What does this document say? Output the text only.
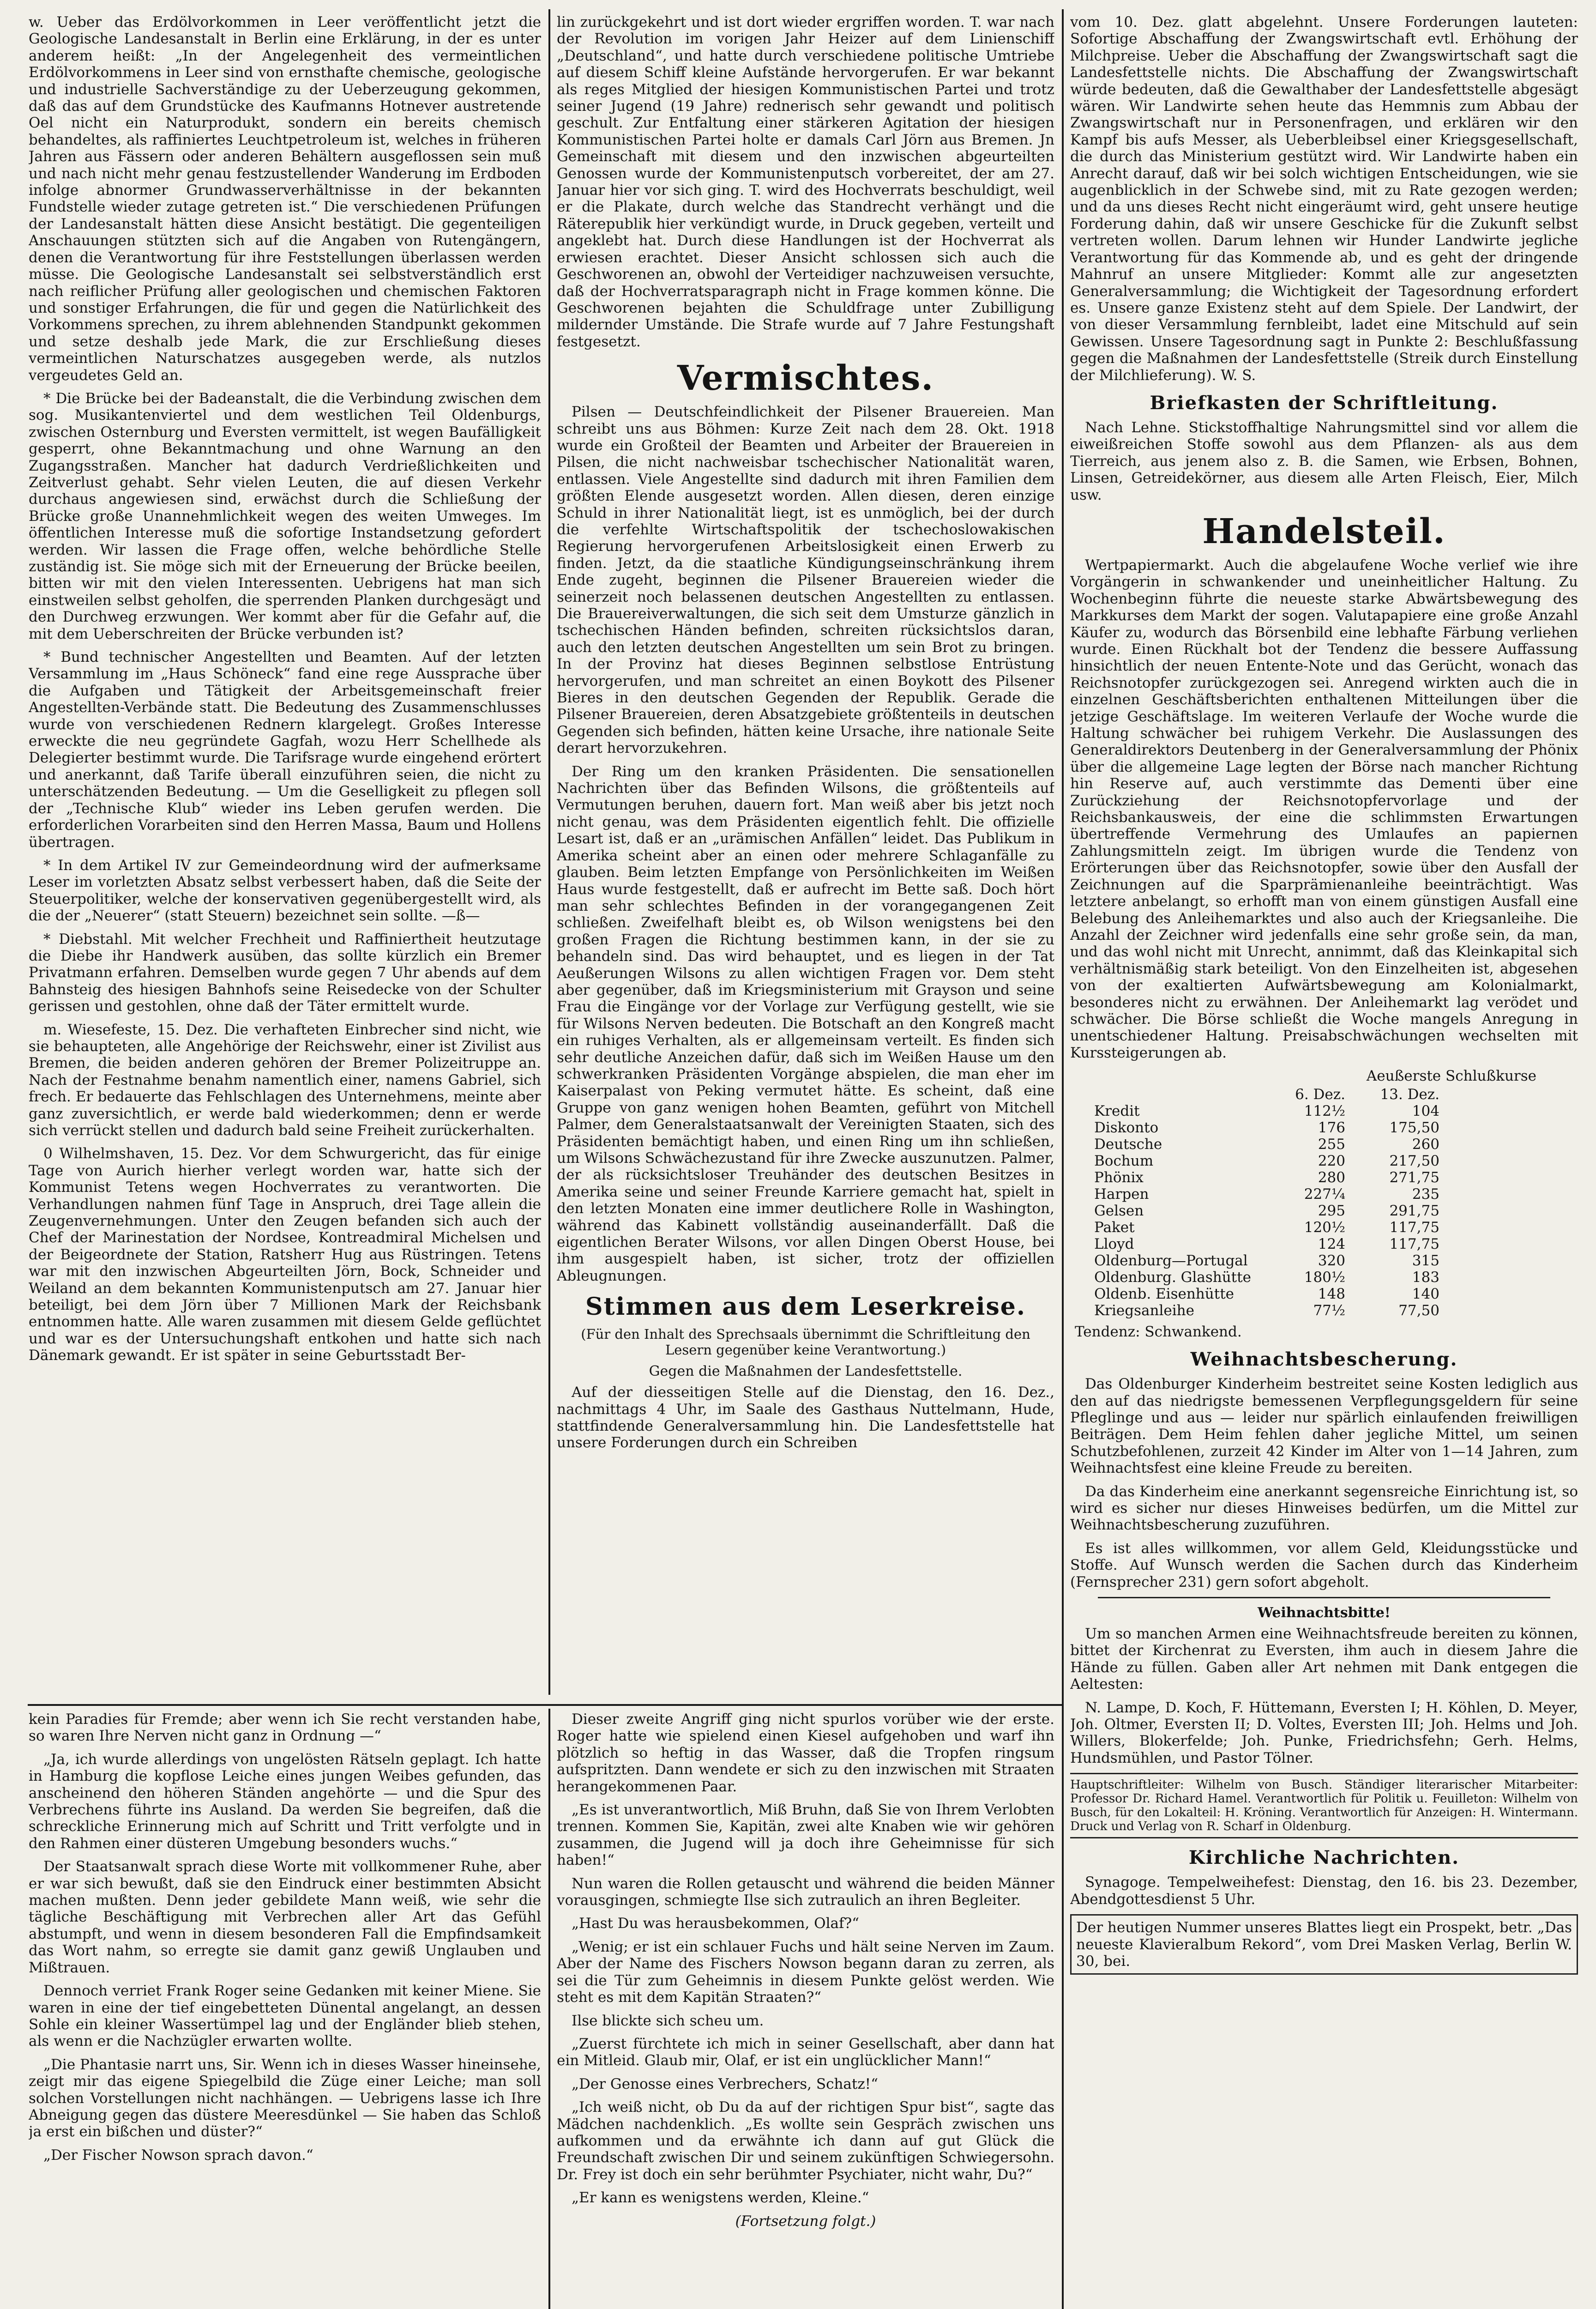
w. Ueber das Erdölvorkommen in Leer veröffentlicht jetzt die Geologische Landesanstalt in Berlin eine Erklärung, in der es unter anderem heißt: „In der Angelegenheit des vermeintlichen Erdölvorkommens in Leer sind von ernsthafte chemische, geologische und industrielle Sachverständige zu der Ueberzeugung gekommen, daß das auf dem Grundstücke des Kaufmanns Hotnever austretende Oel nicht ein Naturprodukt, sondern ein bereits chemisch behandeltes, als raffiniertes Leuchtpetroleum ist, welches in früheren Jahren aus Fässern oder anderen Behältern ausgeflossen sein muß und nach nicht mehr genau festzustellender Wanderung im Erdboden infolge abnormer Grundwasserverhältnisse in der bekannten Fundstelle wieder zutage getreten ist.“ Die verschiedenen Prüfungen der Landesanstalt hätten diese Ansicht bestätigt. Die gegenteiligen Anschauungen stützten sich auf die Angaben von Rutengängern, denen die Verantwortung für ihre Feststellungen überlassen werden müsse. Die Geologische Landesanstalt sei selbstverständlich erst nach reiflicher Prüfung aller geologischen und chemischen Faktoren und sonstiger Erfahrungen, die für und gegen die Natürlichkeit des Vorkommens sprechen, zu ihrem ablehnenden Standpunkt gekommen und setze deshalb jede Mark, die zur Erschließung dieses vermeintlichen Naturschatzes ausgegeben werde, als nutzlos vergeudetes Geld an.

* Die Brücke bei der Badeanstalt, die die Verbindung zwischen dem sog. Musikantenviertel und dem westlichen Teil Oldenburgs, zwischen Osternburg und Eversten vermittelt, ist wegen Baufälligkeit gesperrt, ohne Bekanntmachung und ohne Warnung an den Zugangsstraßen. Mancher hat dadurch Verdrießlichkeiten und Zeitverlust gehabt. Sehr vielen Leuten, die auf diesen Verkehr durchaus angewiesen sind, erwächst durch die Schließung der Brücke große Unannehmlichkeit wegen des weiten Umweges. Im öffentlichen Interesse muß die sofortige Instandsetzung gefordert werden. Wir lassen die Frage offen, welche behördliche Stelle zuständig ist. Sie möge sich mit der Erneuerung der Brücke beeilen, bitten wir mit den vielen Interessenten. Uebrigens hat man sich einstweilen selbst geholfen, die sperrenden Planken durchgesägt und den Durchweg erzwungen. Wer kommt aber für die Gefahr auf, die mit dem Ueberschreiten der Brücke verbunden ist?

* Bund technischer Angestellten und Beamten. Auf der letzten Versammlung im „Haus Schöneck“ fand eine rege Aussprache über die Aufgaben und Tätigkeit der Arbeitsgemeinschaft freier Angestellten-Verbände statt. Die Bedeutung des Zusammenschlusses wurde von verschiedenen Rednern klargelegt. Großes Interesse erweckte die neu gegründete Gagfah, wozu Herr Schellhede als Delegierter bestimmt wurde. Die Tarifsrage wurde eingehend erörtert und anerkannt, daß Tarife überall einzuführen seien, die nicht zu unterschätzenden Bedeutung. — Um die Geselligkeit zu pflegen soll der „Technische Klub“ wieder ins Leben gerufen werden. Die erforderlichen Vorarbeiten sind den Herren Massa, Baum und Hollens übertragen.

* In dem Artikel IV zur Gemeindeordnung wird der aufmerksame Leser im vorletzten Absatz selbst verbessert haben, daß die Seite der Steuerpolitiker, welche der konservativen gegenübergestellt wird, als die der „Neuerer“ (statt Steuern) bezeichnet sein sollte. —ß—

* Diebstahl. Mit welcher Frechheit und Raffiniertheit heutzutage die Diebe ihr Handwerk ausüben, das sollte kürzlich ein Bremer Privatmann erfahren. Demselben wurde gegen 7 Uhr abends auf dem Bahnsteig des hiesigen Bahnhofs seine Reisedecke von der Schulter gerissen und gestohlen, ohne daß der Täter ermittelt wurde.

m. Wiesefeste, 15. Dez. Die verhafteten Einbrecher sind nicht, wie sie behaupteten, alle Angehörige der Reichswehr, einer ist Zivilist aus Bremen, die beiden anderen gehören der Bremer Polizeitruppe an. Nach der Festnahme benahm namentlich einer, namens Gabriel, sich frech. Er bedauerte das Fehlschlagen des Unternehmens, meinte aber ganz zuversichtlich, er werde bald wiederkommen; denn er werde sich verrückt stellen und dadurch bald seine Freiheit zurückerhalten.

0 Wilhelmshaven, 15. Dez. Vor dem Schwurgericht, das für einige Tage von Aurich hierher verlegt worden war, hatte sich der Kommunist Tetens wegen Hochverrates zu verantworten. Die Verhandlungen nahmen fünf Tage in Anspruch, drei Tage allein die Zeugenvernehmungen. Unter den Zeugen befanden sich auch der Chef der Marinestation der Nordsee, Kontreadmiral Michelsen und der Beigeordnete der Station, Ratsherr Hug aus Rüstringen. Tetens war mit den inzwischen Abgeurteilten Jörn, Bock, Schneider und Weiland an dem bekannten Kommunistenputsch am 27. Januar hier beteiligt, bei dem Jörn über 7 Millionen Mark der Reichsbank entnommen hatte. Alle waren zusammen mit diesem Gelde geflüchtet und war es der Untersuchungshaft entkohen und hatte sich nach Dänemark gewandt. Er ist später in seine Geburtsstadt Ber-

lin zurückgekehrt und ist dort wieder ergriffen worden. T. war nach der Revolution im vorigen Jahr Heizer auf dem Linienschiff „Deutschland“, und hatte durch verschiedene politische Umtriebe auf diesem Schiff kleine Aufstände hervorgerufen. Er war bekannt als reges Mitglied der hiesigen Kommunistischen Partei und trotz seiner Jugend (19 Jahre) rednerisch sehr gewandt und politisch geschult. Zur Entfaltung einer stärkeren Agitation der hiesigen Kommunistischen Partei holte er damals Carl Jörn aus Bremen. Jn Gemeinschaft mit diesem und den inzwischen abgeurteilten Genossen wurde der Kommunistenputsch vorbereitet, der am 27. Januar hier vor sich ging. T. wird des Hochverrats beschuldigt, weil er die Plakate, durch welche das Standrecht verhängt und die Räterepublik hier verkündigt wurde, in Druck gegeben, verteilt und angeklebt hat. Durch diese Handlungen ist der Hochverrat als erwiesen erachtet. Dieser Ansicht schlossen sich auch die Geschworenen an, obwohl der Verteidiger nachzuweisen versuchte, daß der Hochverratsparagraph nicht in Frage kommen könne. Die Geschworenen bejahten die Schuldfrage unter Zubilligung mildernder Umstände. Die Strafe wurde auf 7 Jahre Festungshaft festgesetzt.

Vermischtes.

Pilsen — Deutschfeindlichkeit der Pilsener Brauereien. Man schreibt uns aus Böhmen: Kurze Zeit nach dem 28. Okt. 1918 wurde ein Großteil der Beamten und Arbeiter der Brauereien in Pilsen, die nicht nachweisbar tschechischer Nationalität waren, entlassen. Viele Angestellte sind dadurch mit ihren Familien dem größten Elende ausgesetzt worden. Allen diesen, deren einzige Schuld in ihrer Nationalität liegt, ist es unmöglich, bei der durch die verfehlte Wirtschaftspolitik der tschechoslowakischen Regierung hervorgerufenen Arbeitslosigkeit einen Erwerb zu finden. Jetzt, da die staatliche Kündigungseinschränkung ihrem Ende zugeht, beginnen die Pilsener Brauereien wieder die seinerzeit noch belassenen deutschen Angestellten zu entlassen. Die Brauereiverwaltungen, die sich seit dem Umsturze gänzlich in tschechischen Händen befinden, schreiten rücksichtslos daran, auch den letzten deutschen Angestellten um sein Brot zu bringen. In der Provinz hat dieses Beginnen selbstlose Entrüstung hervorgerufen, und man schreitet an einen Boykott des Pilsener Bieres in den deutschen Gegenden der Republik. Gerade die Pilsener Brauereien, deren Absatzgebiete größtenteils in deutschen Gegenden sich befinden, hätten keine Ursache, ihre nationale Seite derart hervorzukehren.

Der Ring um den kranken Präsidenten. Die sensationellen Nachrichten über das Befinden Wilsons, die größtenteils auf Vermutungen beruhen, dauern fort. Man weiß aber bis jetzt noch nicht genau, was dem Präsidenten eigentlich fehlt. Die offizielle Lesart ist, daß er an „urämischen Anfällen“ leidet. Das Publikum in Amerika scheint aber an einen oder mehrere Schlaganfälle zu glauben. Beim letzten Empfange von Persönlichkeiten im Weißen Haus wurde festgestellt, daß er aufrecht im Bette saß. Doch hört man sehr schlechtes Befinden in der vorangegangenen Zeit schließen. Zweifelhaft bleibt es, ob Wilson wenigstens bei den großen Fragen die Richtung bestimmen kann, in der sie zu behandeln sind. Das wird behauptet, und es liegen in der Tat Aeußerungen Wilsons zu allen wichtigen Fragen vor. Dem steht aber gegenüber, daß im Kriegsministerium mit Grayson und seine Frau die Eingänge vor der Vorlage zur Verfügung gestellt, wie sie für Wilsons Nerven bedeuten. Die Botschaft an den Kongreß macht ein ruhiges Verhalten, als er allgemeinsam verteilt. Es finden sich sehr deutliche Anzeichen dafür, daß sich im Weißen Hause um den schwerkranken Präsidenten Vorgänge abspielen, die man eher im Kaiserpalast von Peking vermutet hätte. Es scheint, daß eine Gruppe von ganz wenigen hohen Beamten, geführt von Mitchell Palmer, dem Generalstaatsanwalt der Vereinigten Staaten, sich des Präsidenten bemächtigt haben, und einen Ring um ihn schließen, um Wilsons Schwächezustand für ihre Zwecke auszunutzen. Palmer, der als rücksichtsloser Treuhänder des deutschen Besitzes in Amerika seine und seiner Freunde Karriere gemacht hat, spielt in den letzten Monaten eine immer deutlichere Rolle in Washington, während das Kabinett vollständig auseinanderfällt. Daß die eigentlichen Berater Wilsons, vor allen Dingen Oberst House, bei ihm ausgespielt haben, ist sicher, trotz der offiziellen Ableugnungen.

Stimmen aus dem Leserkreise.
(Für den Inhalt des Sprechsaals übernimmt die Schriftleitung den Lesern gegenüber keine Verantwortung.)
Gegen die Maßnahmen der Landesfettstelle.

Auf der diesseitigen Stelle auf die Dienstag, den 16. Dez., nachmittags 4 Uhr, im Saale des Gasthaus Nuttelmann, Hude, stattfindende Generalversammlung hin. Die Landesfettstelle hat unsere Forderungen durch ein Schreiben

vom 10. Dez. glatt abgelehnt. Unsere Forderungen lauteten: Sofortige Abschaffung der Zwangswirtschaft evtl. Erhöhung der Milchpreise. Ueber die Abschaffung der Zwangswirtschaft sagt die Landesfettstelle nichts. Die Abschaffung der Zwangswirtschaft würde bedeuten, daß die Gewalthaber der Landesfettstelle abgesägt wären. Wir Landwirte sehen heute das Hemmnis zum Abbau der Zwangswirtschaft nur in Personenfragen, und erklären wir den Kampf bis aufs Messer, als Ueberbleibsel einer Kriegsgesellschaft, die durch das Ministerium gestützt wird. Wir Landwirte haben ein Anrecht darauf, daß wir bei solch wichtigen Entscheidungen, wie sie augenblicklich in der Schwebe sind, mit zu Rate gezogen werden; und da uns dieses Recht nicht eingeräumt wird, geht unsere heutige Forderung dahin, daß wir unsere Geschicke für die Zukunft selbst vertreten wollen. Darum lehnen wir Hunder Landwirte jegliche Verantwortung für das Kommende ab, und es geht der dringende Mahnruf an unsere Mitglieder: Kommt alle zur angesetzten Generalversammlung; die Wichtigkeit der Tagesordnung erfordert es. Unsere ganze Existenz steht auf dem Spiele. Der Landwirt, der von dieser Versammlung fernbleibt, ladet eine Mitschuld auf sein Gewissen. Unsere Tagesordnung sagt in Punkte 2: Beschlußfassung gegen die Maßnahmen der Landesfettstelle (Streik durch Einstellung der Milchlieferung). W. S.

Briefkasten der Schriftleitung.

Nach Lehne. Stickstoffhaltige Nahrungsmittel sind vor allem die eiweißreichen Stoffe sowohl aus dem Pflanzen- als aus dem Tierreich, aus jenem also z. B. die Samen, wie Erbsen, Bohnen, Linsen, Getreidekörner, aus diesem alle Arten Fleisch, Eier, Milch usw.

Handelsteil.

Wertpapiermarkt. Auch die abgelaufene Woche verlief wie ihre Vorgängerin in schwankender und uneinheitlicher Haltung. Zu Wochenbeginn führte die neueste starke Abwärtsbewegung des Markkurses dem Markt der sogen. Valutapapiere eine große Anzahl Käufer zu, wodurch das Börsenbild eine lebhafte Färbung verliehen wurde. Einen Rückhalt bot der Tendenz die bessere Auffassung hinsichtlich der neuen Entente-Note und das Gerücht, wonach das Reichsnotopfer zurückgezogen sei. Anregend wirkten auch die in einzelnen Geschäftsberichten enthaltenen Mitteilungen über die jetzige Geschäftslage. Im weiteren Verlaufe der Woche wurde die Haltung schwächer bei ruhigem Verkehr. Die Auslassungen des Generaldirektors Deutenberg in der Generalversammlung der Phönix über die allgemeine Lage legten der Börse nach mancher Richtung hin Reserve auf, auch verstimmte das Dementi über eine Zurückziehung der Reichsnotopfervorlage und der Reichsbankausweis, der eine die schlimmsten Erwartungen übertreffende Vermehrung des Umlaufes an papiernen Zahlungsmitteln zeigt. Im übrigen wurde die Tendenz von Erörterungen über das Reichsnotopfer, sowie über den Ausfall der Zeichnungen auf die Sparprämienanleihe beeinträchtigt. Was letztere anbelangt, so erhofft man von einem günstigen Ausfall eine Belebung des Anleihemarktes und also auch der Kriegsanleihe. Die Anzahl der Zeichner wird jedenfalls eine sehr große sein, da man, und das wohl nicht mit Unrecht, annimmt, daß das Kleinkapital sich verhältnismäßig stark beteiligt. Von den Einzelheiten ist, abgesehen von der exaltierten Aufwärtsbewegung am Kolonialmarkt, besonderes nicht zu erwähnen. Der Anleihemarkt lag verödet und schwächer. Die Börse schließt die Woche mangels Anregung in unentschiedener Haltung. Preisabschwächungen wechselten mit Kurssteigerungen ab.

Aeußerste Schlußkurse
	6. Dez.	13. Dez.
Kredit	112½	104
Diskonto	176	175,50
Deutsche	255	260
Bochum	220	217,50
Phönix	280	271,75
Harpen	227¼	235
Gelsen	295	291,75
Paket	120½	117,75
Lloyd	124	117,75
Oldenburg—Portugal	320	315
Oldenburg. Glashütte	180½	183
Oldenb. Eisenhütte	148	140
Kriegsanleihe	77½	77,50
Tendenz: Schwankend.
Weihnachtsbescherung.

Das Oldenburger Kinderheim bestreitet seine Kosten lediglich aus den auf das niedrigste bemessenen Verpflegungsgeldern für seine Pfleglinge und aus — leider nur spärlich einlaufenden freiwilligen Beiträgen. Dem Heim fehlen daher jegliche Mittel, um seinen Schutzbefohlenen, zurzeit 42 Kinder im Alter von 1—14 Jahren, zum Weihnachtsfest eine kleine Freude zu bereiten.

Da das Kinderheim eine anerkannt segensreiche Einrichtung ist, so wird es sicher nur dieses Hinweises bedürfen, um die Mittel zur Weihnachtsbescherung zuzuführen.

Es ist alles willkommen, vor allem Geld, Kleidungsstücke und Stoffe. Auf Wunsch werden die Sachen durch das Kinderheim (Fernsprecher 231) gern sofort abgeholt.

Weihnachtsbitte!

Um so manchen Armen eine Weihnachtsfreude bereiten zu können, bittet der Kirchenrat zu Eversten, ihm auch in diesem Jahre die Hände zu füllen. Gaben aller Art nehmen mit Dank entgegen die Aeltesten:

N. Lampe, D. Koch, F. Hüttemann, Eversten I; H. Köhlen, D. Meyer, Joh. Oltmer, Eversten II; D. Voltes, Eversten III; Joh. Helms und Joh. Willers, Blokerfelde; Joh. Punke, Friedrichsfehn; Gerh. Helms, Hundsmühlen, und Pastor Tölner.

Hauptschriftleiter: Wilhelm von Busch. Ständiger literarischer Mitarbeiter: Professor Dr. Richard Hamel. Verantwortlich für Politik u. Feuilleton: Wilhelm von Busch, für den Lokalteil: H. Kröning. Verantwortlich für Anzeigen: H. Wintermann. Druck und Verlag von R. Scharf in Oldenburg.
Kirchliche Nachrichten.

Synagoge. Tempelweihefest: Dienstag, den 16. bis 23. Dezember, Abendgottesdienst 5 Uhr.

Der heutigen Nummer unseres Blattes liegt ein Prospekt, betr. „Das neueste Klavieralbum Rekord“, vom Drei Masken Verlag, Berlin W. 30, bei.

kein Paradies für Fremde; aber wenn ich Sie recht verstanden habe, so waren Ihre Nerven nicht ganz in Ordnung —“

„Ja, ich wurde allerdings von ungelösten Rätseln geplagt. Ich hatte in Hamburg die kopflose Leiche eines jungen Weibes gefunden, das anscheinend den höheren Ständen angehörte — und die Spur des Verbrechens führte ins Ausland. Da werden Sie begreifen, daß die schreckliche Erinnerung mich auf Schritt und Tritt verfolgte und in den Rahmen einer düsteren Umgebung besonders wuchs.“

Der Staatsanwalt sprach diese Worte mit vollkommener Ruhe, aber er war sich bewußt, daß sie den Eindruck einer bestimmten Absicht machen mußten. Denn jeder gebildete Mann weiß, wie sehr die tägliche Beschäftigung mit Verbrechen aller Art das Gefühl abstumpft, und wenn in diesem besonderen Fall die Empfindsamkeit das Wort nahm, so erregte sie damit ganz gewiß Unglauben und Mißtrauen.

Dennoch verriet Frank Roger seine Gedanken mit keiner Miene. Sie waren in eine der tief eingebetteten Dünental angelangt, an dessen Sohle ein kleiner Wassertümpel lag und der Engländer blieb stehen, als wenn er die Nachzügler erwarten wollte.

„Die Phantasie narrt uns, Sir. Wenn ich in dieses Wasser hineinsehe, zeigt mir das eigene Spiegelbild die Züge einer Leiche; man soll solchen Vorstellungen nicht nachhängen. — Uebrigens lasse ich Ihre Abneigung gegen das düstere Meeresdünkel — Sie haben das Schloß ja erst ein bißchen und düster?“

„Der Fischer Nowson sprach davon.“

Dieser zweite Angriff ging nicht spurlos vorüber wie der erste. Roger hatte wie spielend einen Kiesel aufgehoben und warf ihn plötzlich so heftig in das Wasser, daß die Tropfen ringsum aufspritzten. Dann wendete er sich zu den inzwischen mit Straaten herangekommenen Paar.

„Es ist unverantwortlich, Miß Bruhn, daß Sie von Ihrem Verlobten trennen. Kommen Sie, Kapitän, zwei alte Knaben wie wir gehören zusammen, die Jugend will ja doch ihre Geheimnisse für sich haben!“

Nun waren die Rollen getauscht und während die beiden Männer vorausgingen, schmiegte Ilse sich zutraulich an ihren Begleiter.

„Hast Du was herausbekommen, Olaf?“

„Wenig; er ist ein schlauer Fuchs und hält seine Nerven im Zaum. Aber der Name des Fischers Nowson begann daran zu zerren, als sei die Tür zum Geheimnis in diesem Punkte gelöst werden. Wie steht es mit dem Kapitän Straaten?“

Ilse blickte sich scheu um.

„Zuerst fürchtete ich mich in seiner Gesellschaft, aber dann hat ein Mitleid. Glaub mir, Olaf, er ist ein unglücklicher Mann!“

„Der Genosse eines Verbrechers, Schatz!“

„Ich weiß nicht, ob Du da auf der richtigen Spur bist“, sagte das Mädchen nachdenklich. „Es wollte sein Gespräch zwischen uns aufkommen und da erwähnte ich dann auf gut Glück die Freundschaft zwischen Dir und seinem zukünftigen Schwiegersohn. Dr. Frey ist doch ein sehr berühmter Psychiater, nicht wahr, Du?“

„Er kann es wenigstens werden, Kleine.“

(Fortsetzung folgt.)
